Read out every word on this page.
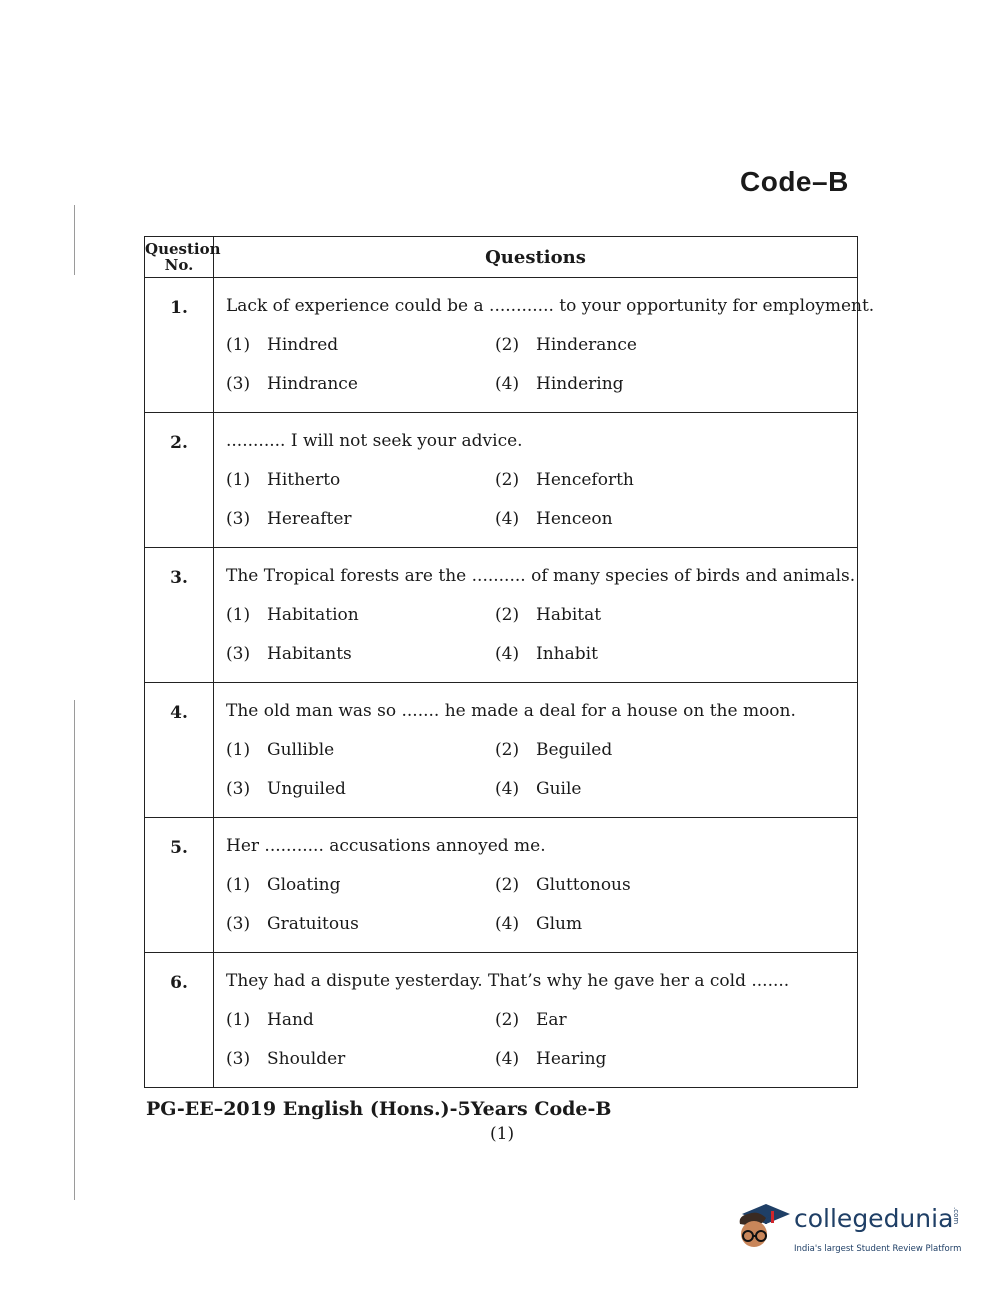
Code–B
Question
No.	Questions
1.	Lack of experience could be a ............ to your opportunity for employment.
(1) Hindred (2) Hinderance
(3) Hindrance (4) Hindering

2.	........... I will not seek your advice.
(1) Hitherto (2) Henceforth
(3) Hereafter (4) Henceon

3.	The Tropical forests are the .......... of many species of birds and animals.
(1) Habitation (2) Habitat
(3) Habitants (4) Inhabit

4.	The old man was so ....... he made a deal for a house on the moon.
(1) Gullible (2) Beguiled
(3) Unguiled (4) Guile

5.	Her ........... accusations annoyed me.
(1) Gloating (2) Gluttonous
(3) Gratuitous (4) Glum

6.	They had a dispute yesterday. That’s why he gave her a cold .......
(1) Hand (2) Ear
(3) Shoulder (4) Hearing
PG-EE–2019 English (Hons.)-5Years Code-B
(1)
collegedunia
.com
India's largest Student Review Platform
